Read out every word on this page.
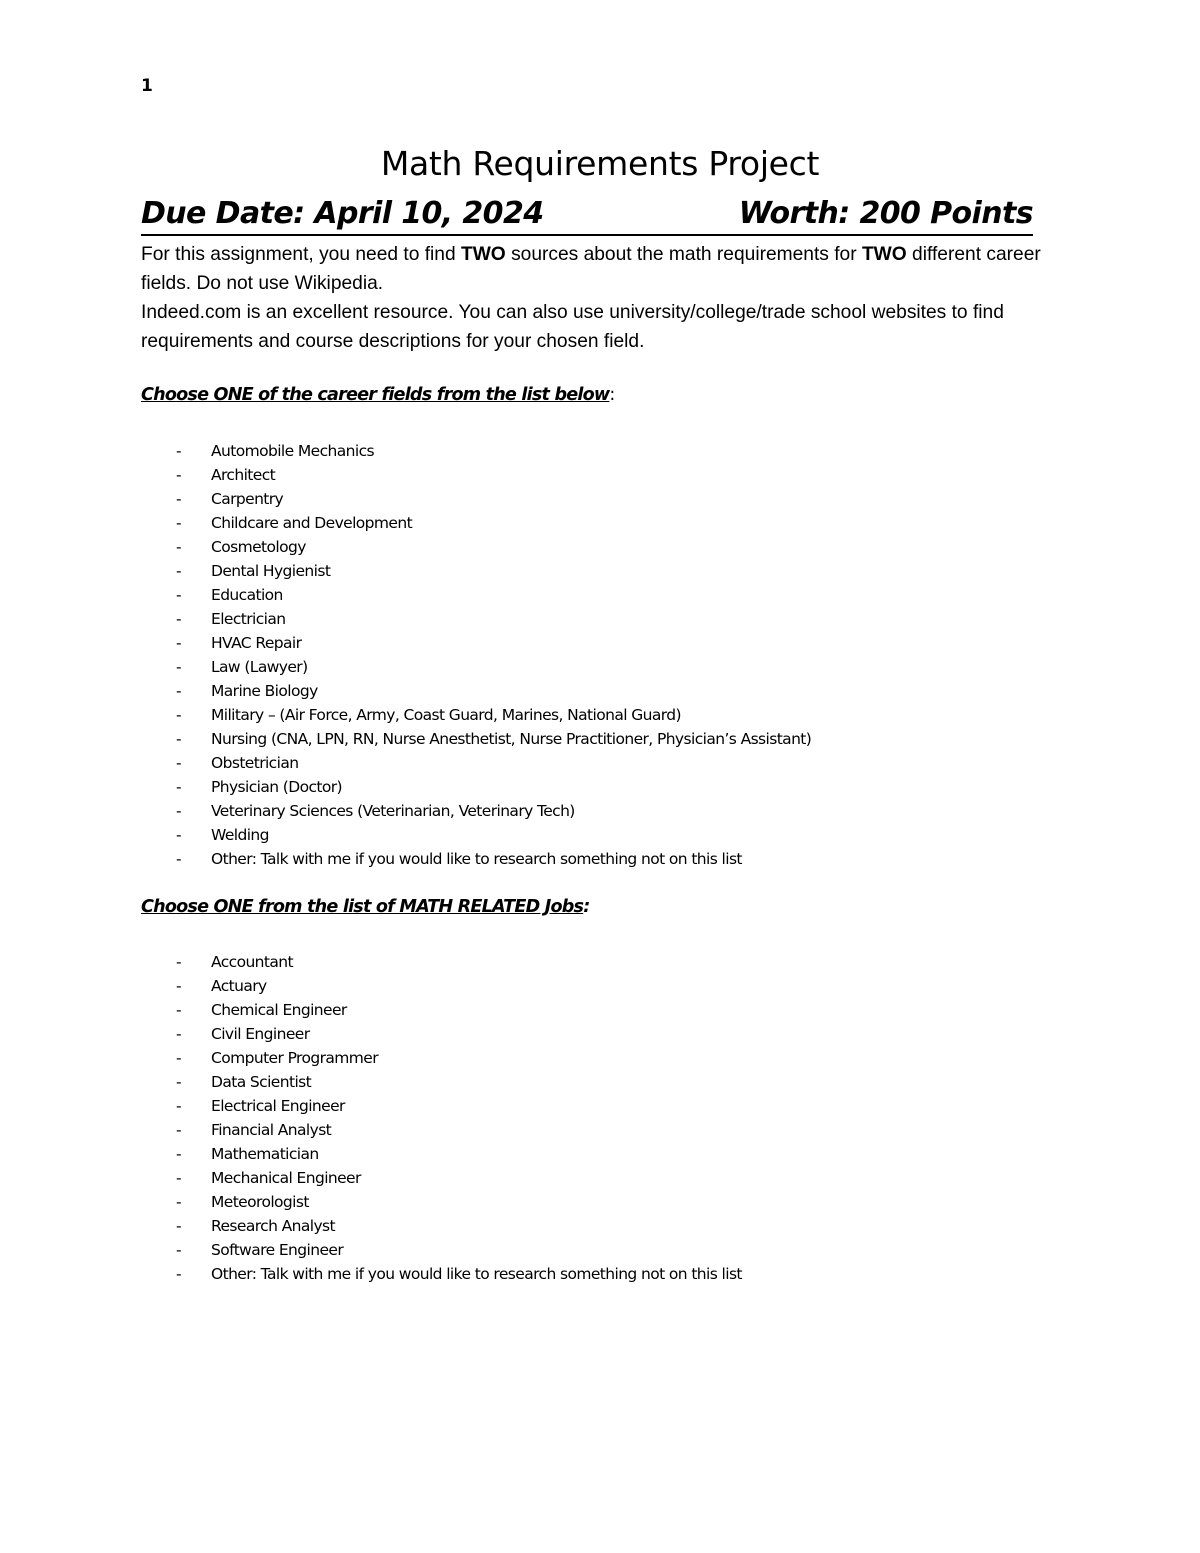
1
Math Requirements Project
Due Date: April 10, 2024	Worth: 200 Points

For this assignment, you need to find TWO sources about the math requirements for TWO different career fields. Do not use Wikipedia.

Indeed.com is an excellent resource. You can also use university/college/trade school websites to find requirements and course descriptions for your chosen field.

Choose ONE of the career fields from the list below:
- Automobile Mechanics
- Architect
- Carpentry
- Childcare and Development
- Cosmetology
- Dental Hygienist
- Education
- Electrician
- HVAC Repair
- Law (Lawyer)
- Marine Biology
- Military – (Air Force, Army, Coast Guard, Marines, National Guard)
- Nursing (CNA, LPN, RN, Nurse Anesthetist, Nurse Practitioner, Physician’s Assistant)
- Obstetrician
- Physician (Doctor)
- Veterinary Sciences (Veterinarian, Veterinary Tech)
- Welding
- Other: Talk with me if you would like to research something not on this list
Choose ONE from the list of MATH RELATED Jobs:
- Accountant
- Actuary
- Chemical Engineer
- Civil Engineer
- Computer Programmer
- Data Scientist
- Electrical Engineer
- Financial Analyst
- Mathematician
- Mechanical Engineer
- Meteorologist
- Research Analyst
- Software Engineer
- Other: Talk with me if you would like to research something not on this list
